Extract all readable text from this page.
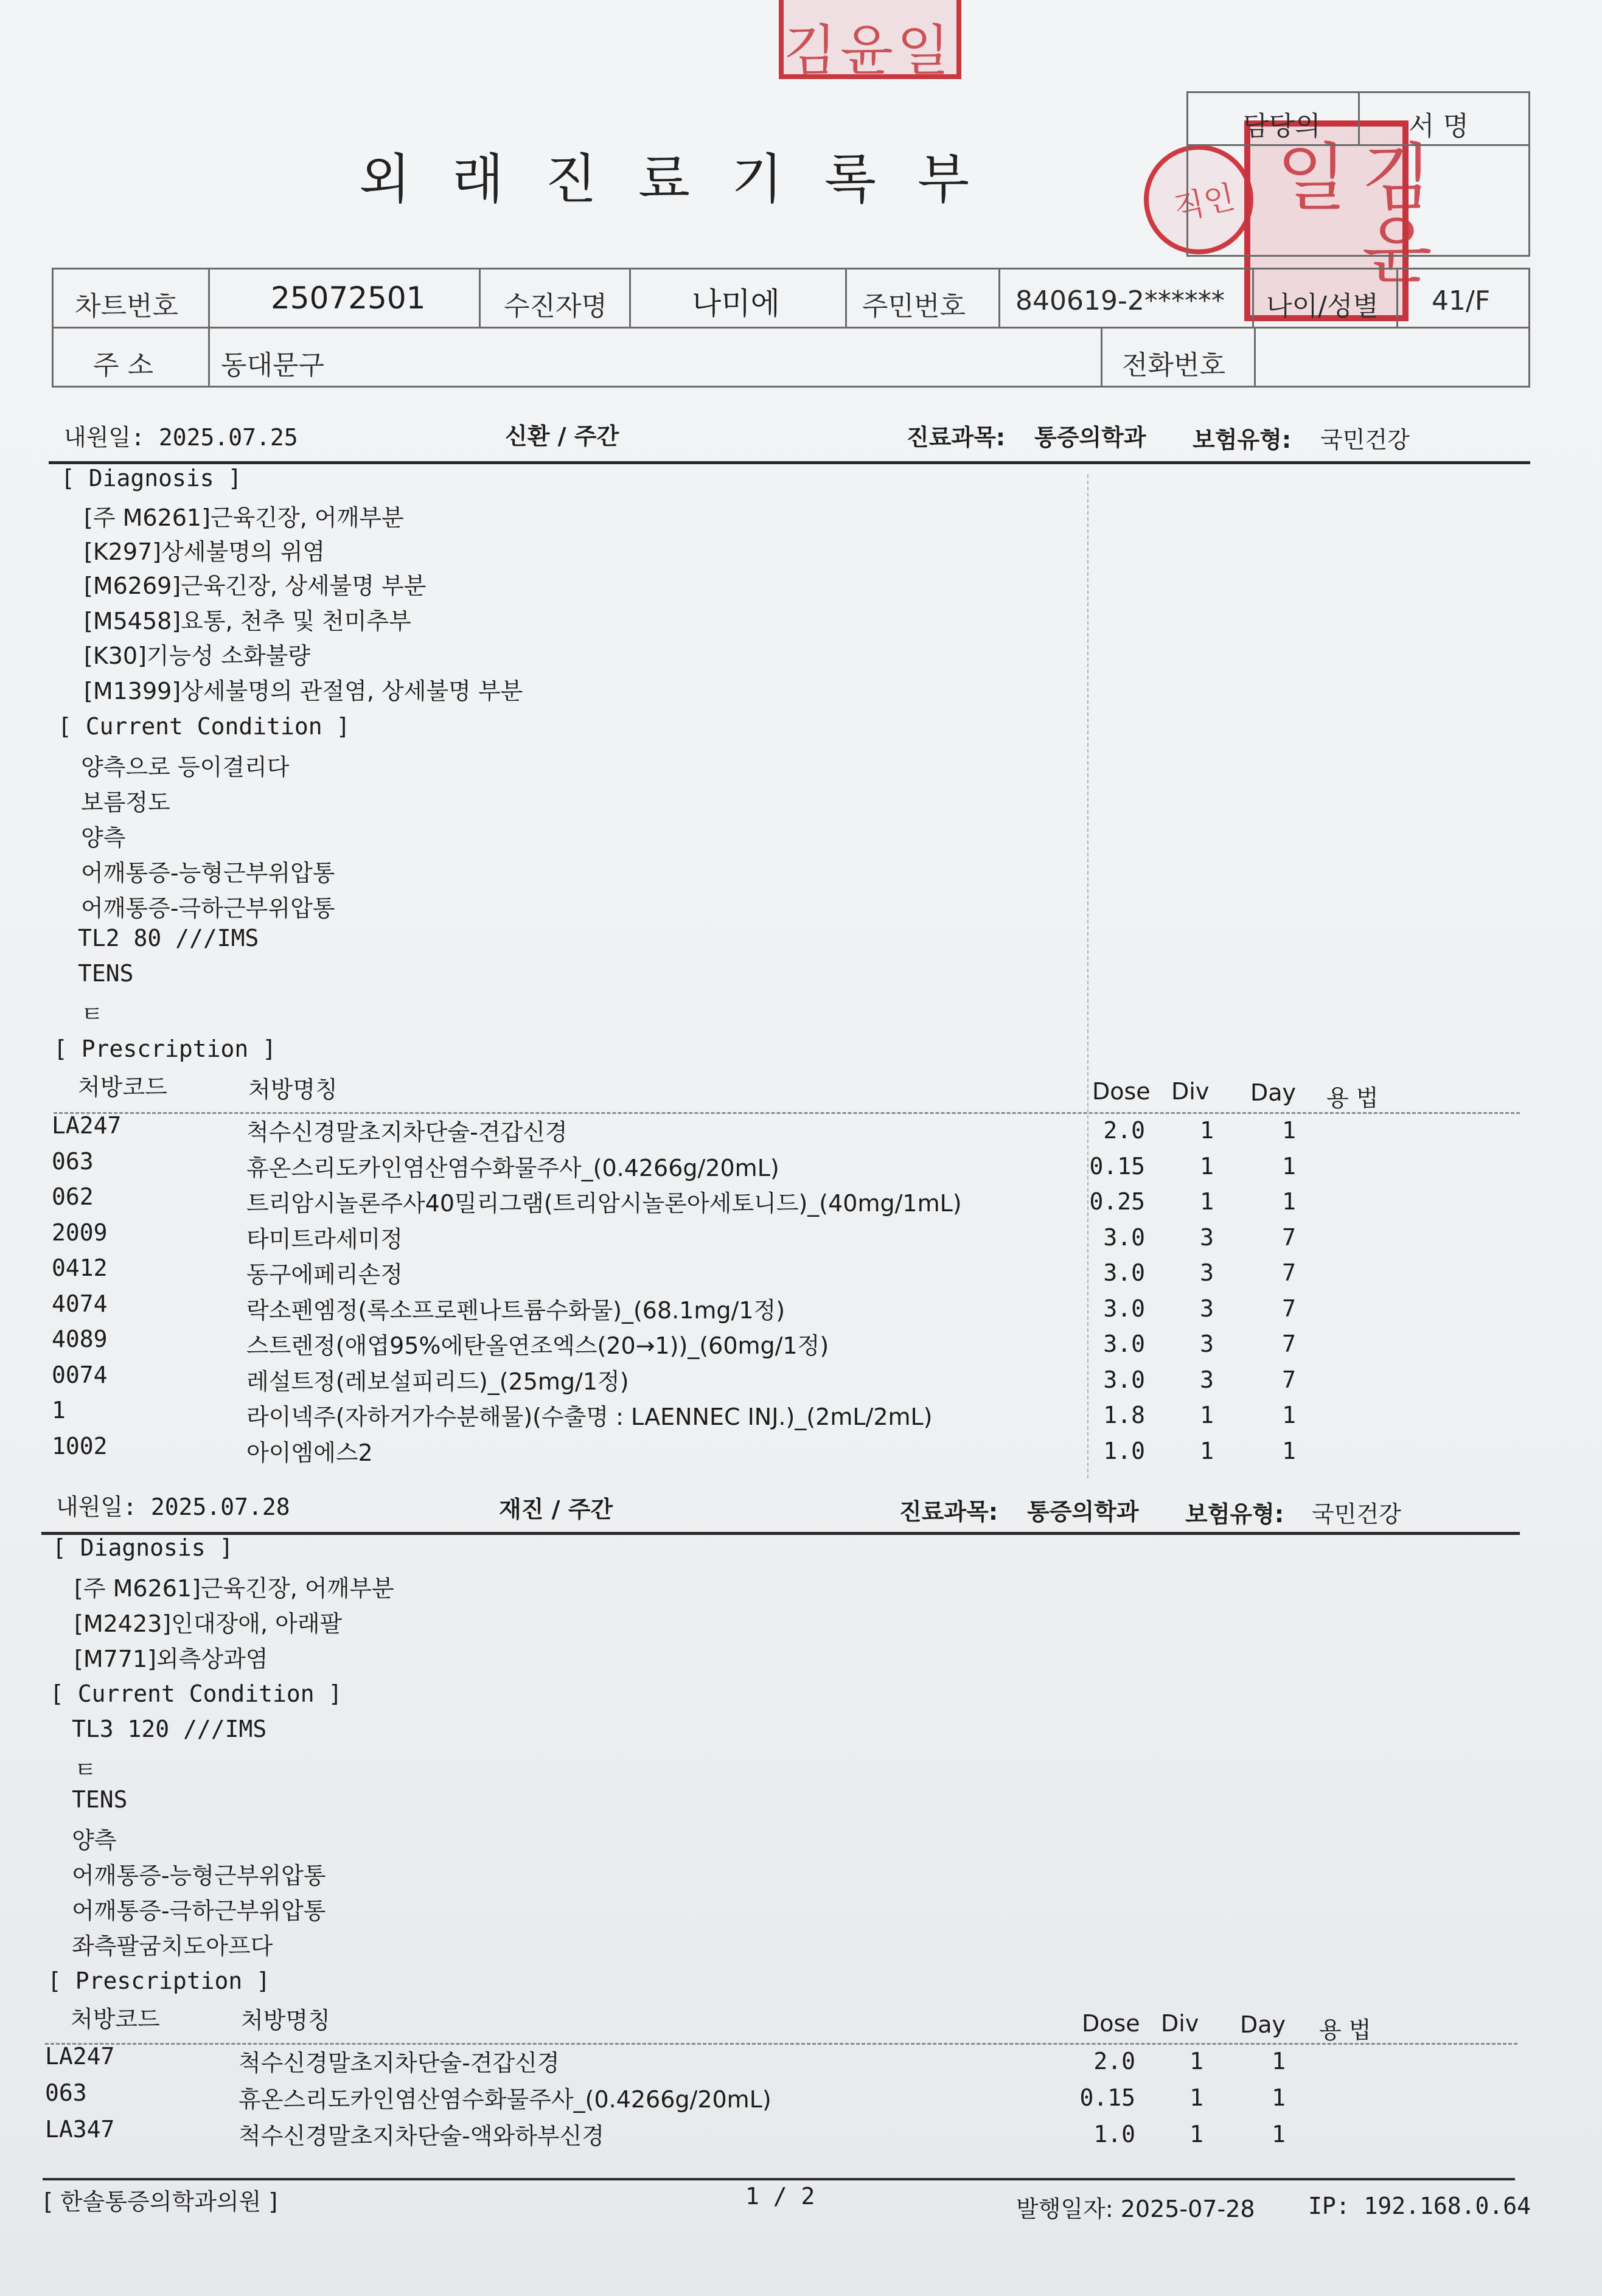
김윤일
직인	김윤일
담당의	서 명
외래진료기록부
차트번호	25072501	수진자명	나미에	주민번호 840619-2****** 나이/성별 41/F
주 소	동대문구	전화번호
내원일: 2025.07.25	신환 / 주간	진료과목: 통증의학과 보험유형: 국민건강
[ Diagnosis ]
[주 M6261]근육긴장, 어깨부분
[K297]상세불명의 위염
[M6269]근육긴장, 상세불명 부분
[M5458]요통, 천추 및 천미추부
[K30]기능성 소화불량
[M1399]상세불명의 관절염, 상세불명 부분
[ Current Condition ]
양측으로 등이결리다
보름정도
양측
어깨통증-능형근부위압통
어깨통증-극하근부위압통
TL2 80 ///IMS
TENS
ㅌ
[ Prescription ]
처방코드	처방명칭	Dose Div Day 용 법
LA247	척수신경말초지차단술-견갑신경	2.0	1	1
063	휴온스리도카인염산염수화물주사_(0.4266g/20mL)	0.15	1	1
062	트리암시놀론주사40밀리그램(트리암시놀론아세토니드)_(40mg/1mL)	0.25	1	1
2009	타미트라세미정	3.0	3	7
0412	동구에페리손정	3.0	3	7
4074	락소펜엠정(록소프로펜나트륨수화물)_(68.1mg/1정)	3.0	3	7
4089	스트렌정(애엽95%에탄올연조엑스(20→1))_(60mg/1정)	3.0	3	7
0074	레설트정(레보설피리드)_(25mg/1정)	3.0	3	7
1	라이넥주(자하거가수분해물)(수출명 : LAENNEC INJ.)_(2mL/2mL)	1.8	1	1
1002	아이엠에스2	1.0	1	1
내원일: 2025.07.28	재진 / 주간	진료과목: 통증의학과 보험유형: 국민건강
[ Diagnosis ]
[주 M6261]근육긴장, 어깨부분
[M2423]인대장애, 아래팔
[M771]외측상과염
[ Current Condition ]
TL3 120 ///IMS
ㅌ
TENS
양측
어깨통증-능형근부위압통
어깨통증-극하근부위압통
좌측팔굼치도아프다
[ Prescription ]
처방코드	처방명칭	Dose Div Day 용 법
LA247	척수신경말초지차단술-견갑신경	2.0	1	1
063	휴온스리도카인염산염수화물주사_(0.4266g/20mL)	0.15	1	1
LA347	척수신경말초지차단술-액와하부신경	1.0	1	1
[ 한솔통증의학과의원 ]	1 / 2	발행일자: 2025-07-28 IP: 192.168.0.64
